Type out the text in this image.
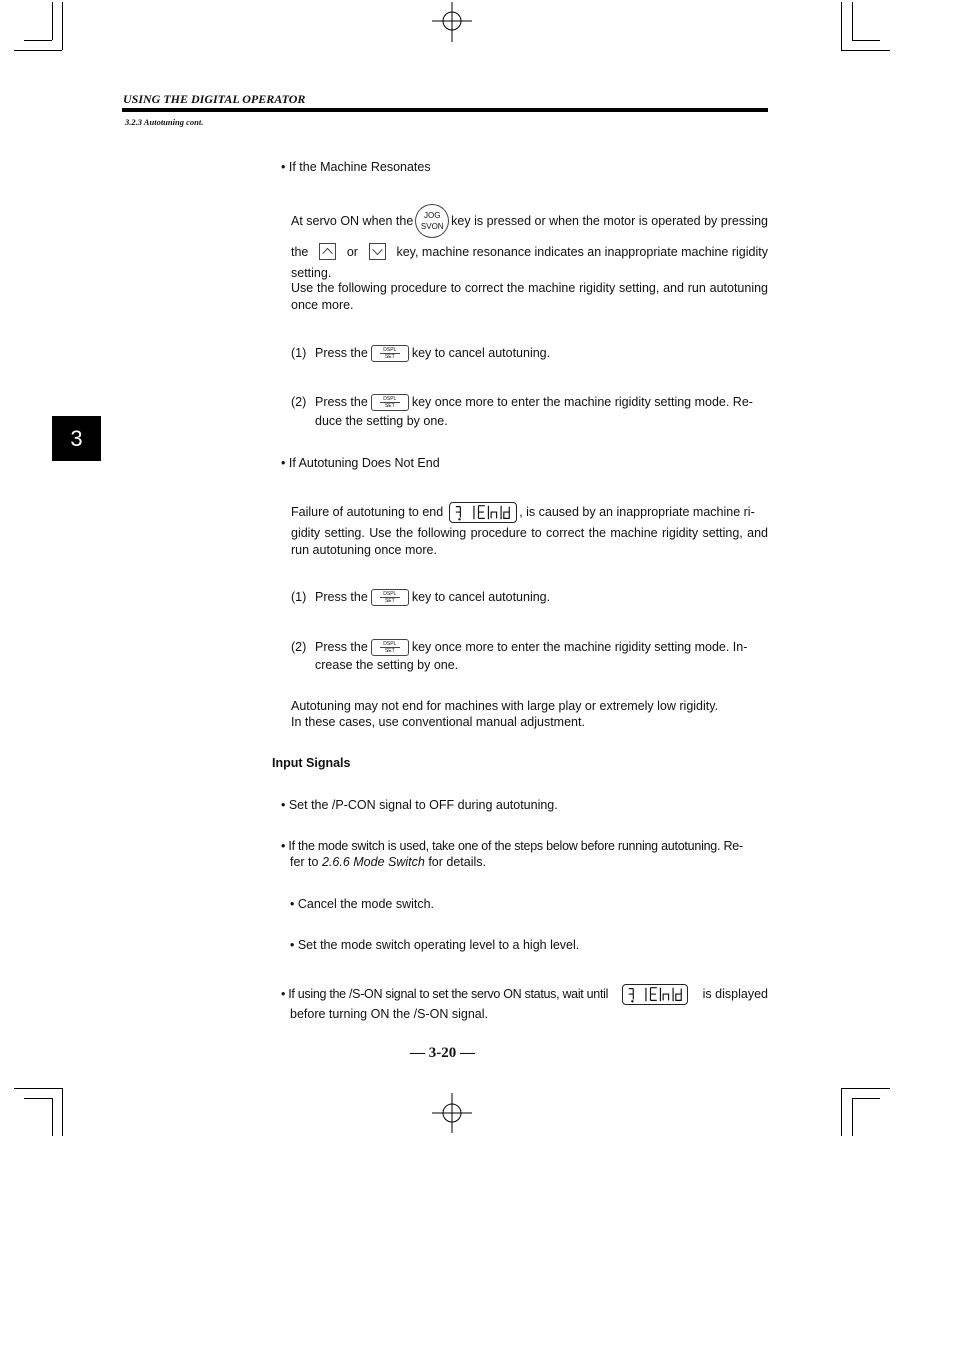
USING THE DIGITAL OPERATOR
3.2.3 Autotuning cont.
3
• If the Machine Resonates
At servo ON when the	JOG
SVON key is pressed or when the motor is operated by pressing
the	or	key, machine resonance indicates an inappropriate machine rigidity
setting.
Use the following procedure to correct the machine rigidity setting, and run autotuning once more.
(1) Press the	DSPL
SET	key to cancel autotuning.
(2) Press the	DSPL
SET	key once more to enter the machine rigidity setting mode. Re-
duce the setting by one.
• If Autotuning Does Not End
Failure of autotuning to end	, is caused by an inappropriate machine ri-
gidity setting. Use the following procedure to correct the machine rigidity setting, and run autotuning once more.
(1) Press the	DSPL
SET	key to cancel autotuning.
(2) Press the	DSPL
SET	key once more to enter the machine rigidity setting mode. In-
crease the setting by one.
Autotuning may not end for machines with large play or extremely low rigidity.
In these cases, use conventional manual adjustment.
Input Signals
• Set the /P-CON signal to OFF during autotuning.
• If the mode switch is used, take one of the steps below before running autotuning. Re-
fer to 2.6.6 Mode Switch for details.
• Cancel the mode switch.
• Set the mode switch operating level to a high level.
• If using the /S-ON signal to set the servo ON status, wait until	is displayed
before turning ON the /S-ON signal.
— 3-20 —
